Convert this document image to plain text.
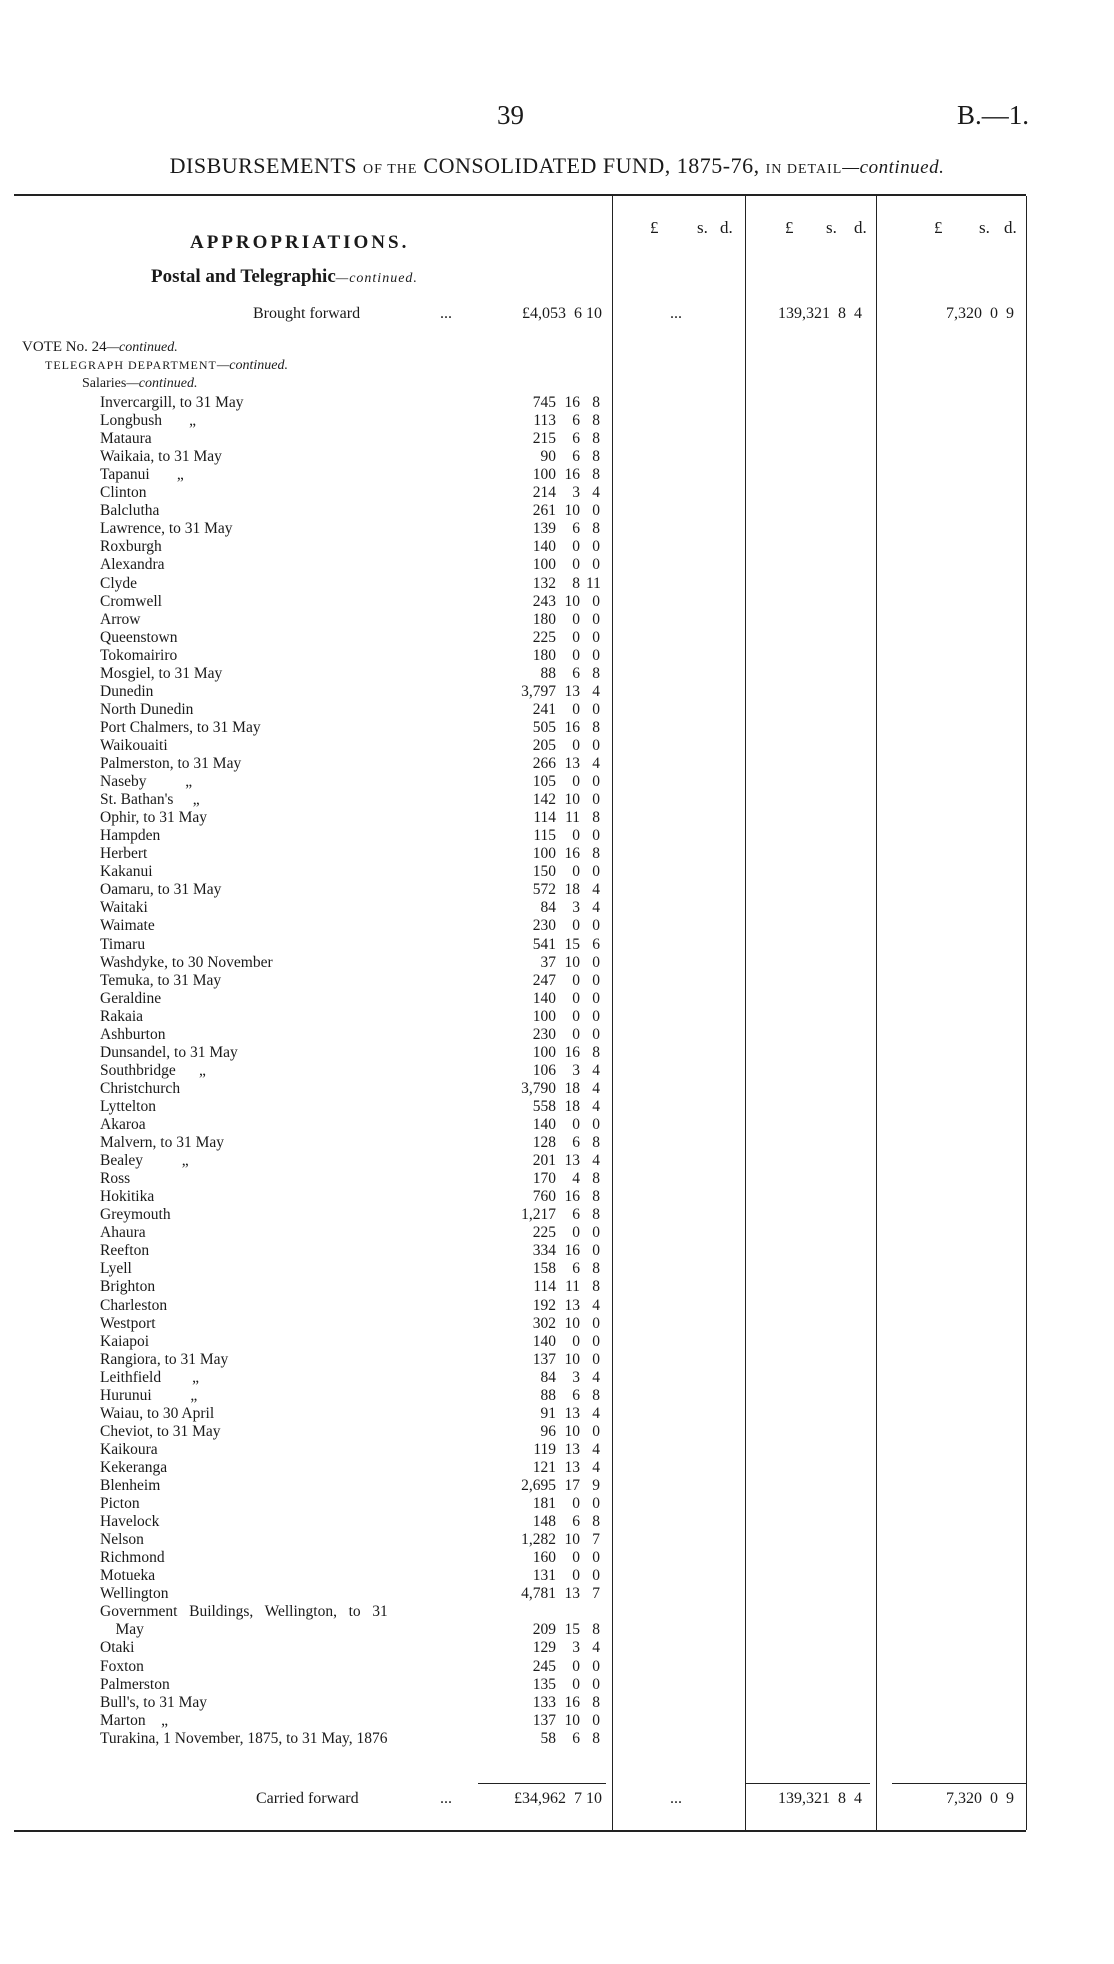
39	B.—1.
DISBURSEMENTS OF THE CONSOLIDATED FUND, 1875-76, IN DETAIL—continued.
£ s. d.	£ s. d.	£ s. d.
APPROPRIATIONS.
Postal and Telegraphic—continued.
Brought forward	...	£4,053  6 10	...	139,321  8  4	7,320  0  9
VOTE No. 24—continued.
TELEGRAPH DEPARTMENT—continued.
Salaries—continued.
Invercargill, to 31 May	745 16 8
Longbush       „	113 6 8
Mataura	215 6 8
Waikaia, to 31 May	90 6 8
Tapanui       „	100 16 8
Clinton	214 3 4
Balclutha	261 10 0
Lawrence, to 31 May	139 6 8
Roxburgh	140 0 0
Alexandra	100 0 0
Clyde	132 8 11
Cromwell	243 10 0
Arrow	180 0 0
Queenstown	225 0 0
Tokomairiro	180 0 0
Mosgiel, to 31 May	88 6 8
Dunedin	3,797 13 4
North Dunedin	241 0 0
Port Chalmers, to 31 May	505 16 8
Waikouaiti	205 0 0
Palmerston, to 31 May	266 13 4
Naseby          „	105 0 0
St. Bathan's     „	142 10 0
Ophir, to 31 May	114 11 8
Hampden	115 0 0
Herbert	100 16 8
Kakanui	150 0 0
Oamaru, to 31 May	572 18 4
Waitaki	84 3 4
Waimate	230 0 0
Timaru	541 15 6
Washdyke, to 30 November	37 10 0
Temuka, to 31 May	247 0 0
Geraldine	140 0 0
Rakaia	100 0 0
Ashburton	230 0 0
Dunsandel, to 31 May	100 16 8
Southbridge      „	106 3 4
Christchurch	3,790 18 4
Lyttelton	558 18 4
Akaroa	140 0 0
Malvern, to 31 May	128 6 8
Bealey          „	201 13 4
Ross	170 4 8
Hokitika	760 16 8
Greymouth	1,217 6 8
Ahaura	225 0 0
Reefton	334 16 0
Lyell	158 6 8
Brighton	114 11 8
Charleston	192 13 4
Westport	302 10 0
Kaiapoi	140 0 0
Rangiora, to 31 May	137 10 0
Leithfield        „	84 3 4
Hurunui          „	88 6 8
Waiau, to 30 April	91 13 4
Cheviot, to 31 May	96 10 0
Kaikoura	119 13 4
Kekeranga	121 13 4
Blenheim	2,695 17 9
Picton	181 0 0
Havelock	148 6 8
Nelson	1,282 10 7
Richmond	160 0 0
Motueka	131 0 0
Wellington	4,781 13 7
Government   Buildings,   Wellington,   to   31
May	209 15 8
Otaki	129 3 4
Foxton	245 0 0
Palmerston	135 0 0
Bull's, to 31 May	133 16 8
Marton    „	137 10 0
Turakina, 1 November, 1875, to 31 May, 1876	58 6 8
Carried forward	...	£34,962  7 10	...	139,321  8  4	7,320  0  9
